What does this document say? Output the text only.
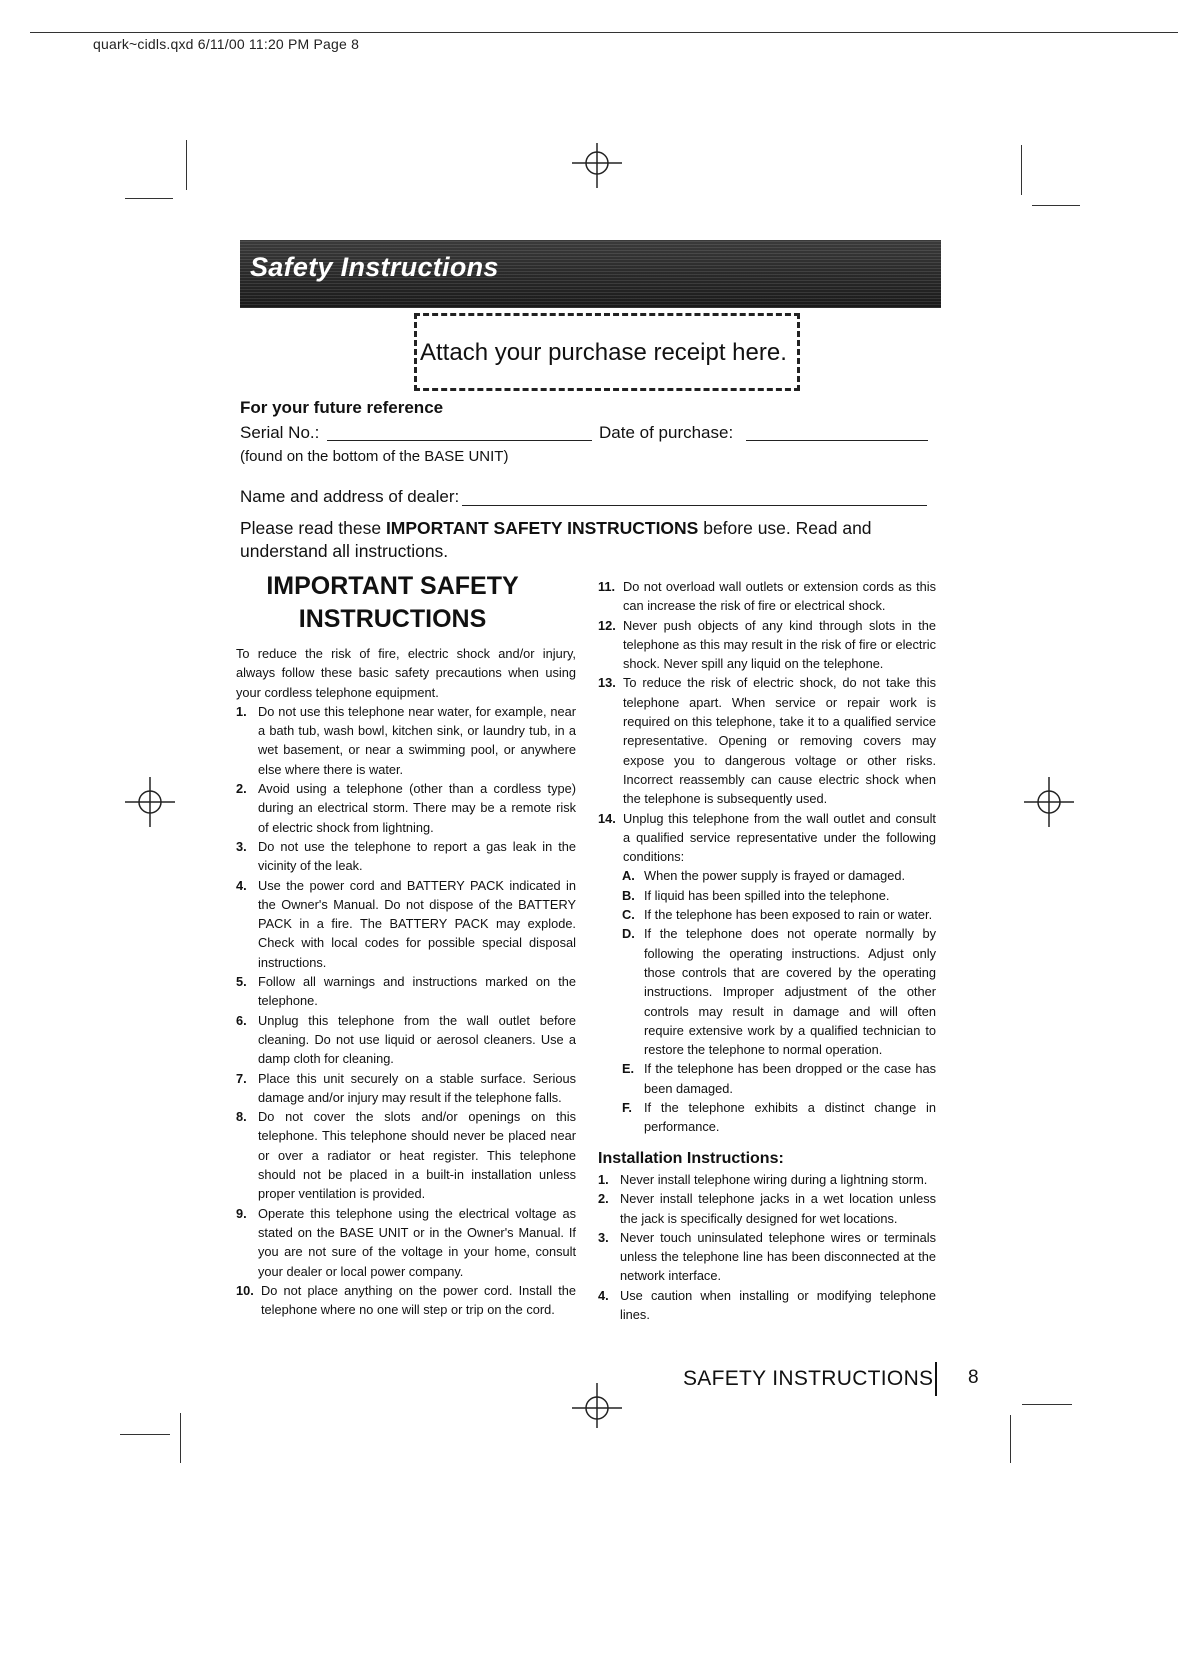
quark~cidls.qxd 6/11/00 11:20 PM Page 8
Safety Instructions
Attach your purchase receipt here.
For your future reference
Serial No.:	Date of purchase:
(found on the bottom of the BASE UNIT)
Name and address of dealer:
Please read these IMPORTANT SAFETY INSTRUCTIONS before use. Read and understand all instructions.
IMPORTANT SAFETY
INSTRUCTIONS

To reduce the risk of fire, electric shock and/or injury, always follow these basic safety precautions when using your cordless telephone equipment.

1. Do not use this telephone near water, for example, near a bath tub, wash bowl, kitchen sink, or laundry tub, in a wet basement, or near a swimming pool, or anywhere else where there is water.
2. Avoid using a telephone (other than a cordless type) during an electrical storm. There may be a remote risk of electric shock from lightning.
3. Do not use the telephone to report a gas leak in the vicinity of the leak.
4. Use the power cord and BATTERY PACK indicated in the Owner's Manual. Do not dispose of the BATTERY PACK in a fire. The BATTERY PACK may explode. Check with local codes for possible special disposal instructions.
5. Follow all warnings and instructions marked on the telephone.
6. Unplug this telephone from the wall outlet before cleaning. Do not use liquid or aerosol cleaners. Use a damp cloth for cleaning.
7. Place this unit securely on a stable surface. Serious damage and/or injury may result if the telephone falls.
8. Do not cover the slots and/or openings on this telephone. This telephone should never be placed near or over a radiator or heat register. This telephone should not be placed in a built-in installation unless proper ventilation is provided.
9. Operate this telephone using the electrical voltage as stated on the BASE UNIT or in the Owner's Manual. If you are not sure of the voltage in your home, consult your dealer or local power company.
10. Do not place anything on the power cord. Install the telephone where no one will step or trip on the cord.
11. Do not overload wall outlets or extension cords as this can increase the risk of fire or electrical shock.
12. Never push objects of any kind through slots in the telephone as this may result in the risk of fire or electric shock. Never spill any liquid on the telephone.
13. To reduce the risk of electric shock, do not take this telephone apart. When service or repair work is required on this telephone, take it to a qualified service representative. Opening or removing covers may expose you to dangerous voltage or other risks. Incorrect reassembly can cause electric shock when the telephone is subsequently used.
14. Unplug this telephone from the wall outlet and consult a qualified service representative under the following conditions:
A. When the power supply is frayed or damaged.
B. If liquid has been spilled into the telephone.
C. If the telephone has been exposed to rain or water.
D. If the telephone does not operate normally by following the operating instructions. Adjust only those controls that are covered by the operating instructions. Improper adjustment of the other controls may result in damage and will often require extensive work by a qualified technician to restore the telephone to normal operation.
E. If the telephone has been dropped or the case has been damaged.
F. If the telephone exhibits a distinct change in performance.
Installation Instructions:
1. Never install telephone wiring during a lightning storm.
2. Never install telephone jacks in a wet location unless the jack is specifically designed for wet locations.
3. Never touch uninsulated telephone wires or terminals unless the telephone line has been disconnected at the network interface.
4. Use caution when installing or modifying telephone lines.
SAFETY INSTRUCTIONS 8
